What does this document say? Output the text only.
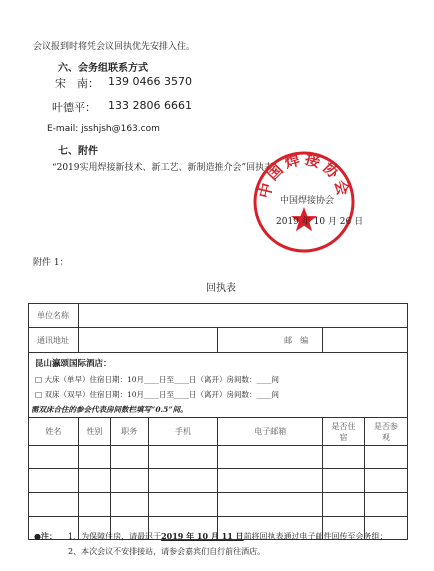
会议报到时将凭会议回执优先安排入住。
六、会务组联系方式
宋　南： 139 0466 3570
叶德平： 133 2806 6661
E-mail: jsshjsh@163.com
七、附件
“2019实用焊接新技术、新工艺、新制造推介会”回执表。
中国焊接协会
中国焊接协会
2019 年 10 月 26 日
附件 1：
回执表
单位名称						
通讯地址				邮　编		

昆山瀛颂国际酒店：
□ 大床（单早）住宿日期：10月____日至____日（离开）房间数：____间
□ 双床（双早）住宿日期：10月____日至____日（离开）房间数：____间
需双床合住的参会代表房间数栏填写“0.5”间。						

姓名	性别	职务	手机	电子邮箱	是否住宿	是否参观

●注： 1、为保障住房，请最迟于2019 年 10 月 11 日前将回执表通过电子邮件回传至会务组；
2、本次会议不安排接站，请参会嘉宾们自行前往酒店。
